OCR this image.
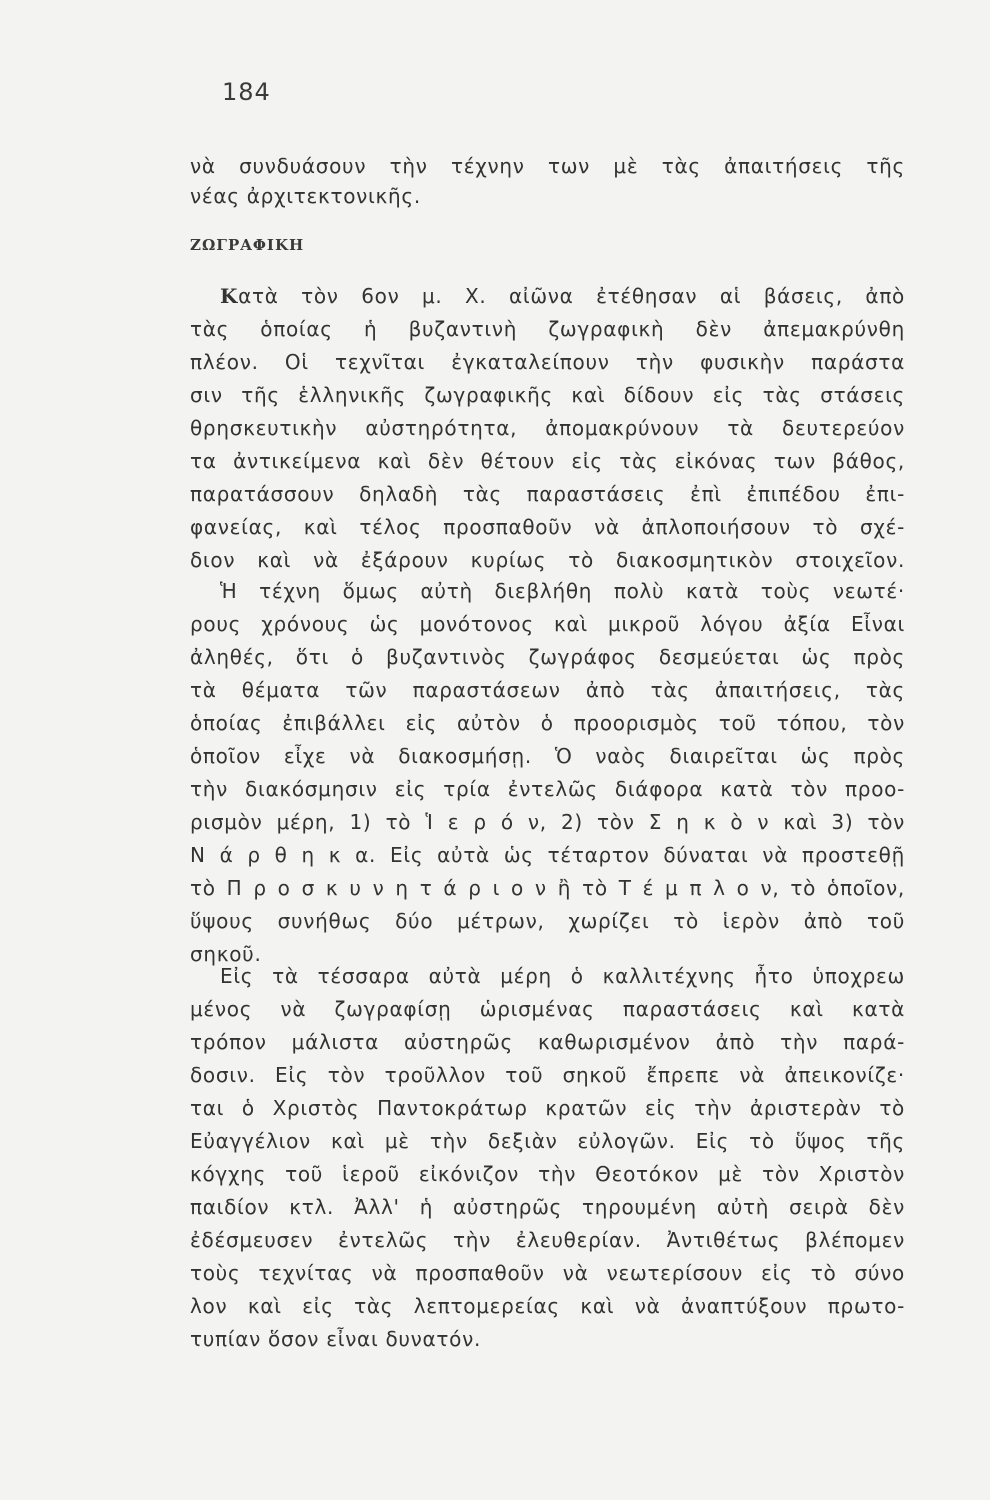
184
νὰ συνδυάσουν τὴν τέχνην των μὲ τὰς ἀπαιτήσεις τῆς
νέας ἀρχιτεκτονικῆς.
ΖΩΓΡΑΦΙΚΗ
Κατὰ τὸν 6ον μ. Χ. αἰῶνα ἐτέθησαν αἱ βάσεις, ἀπὸ
τὰς ὁποίας ἡ βυζαντινὴ ζωγραφικὴ δὲν ἀπεμακρύνθη
πλέον. Οἱ τεχνῖται ἐγκαταλείπουν τὴν φυσικὴν παράστα
σιν τῆς ἑλληνικῆς ζωγραφικῆς καὶ δίδουν εἰς τὰς στάσεις
θρησκευτικὴν αὐστηρότητα, ἀπομακρύνουν τὰ δευτερεύον
τα ἀντικείμενα καὶ δὲν θέτουν εἰς τὰς εἰκόνας των βάθος,
παρατάσσουν δηλαδὴ τὰς παραστάσεις ἐπὶ ἐπιπέδου ἐπι-
φανείας, καὶ τέλος προσπαθοῦν νὰ ἀπλοποιήσουν τὸ σχέ-
διον καὶ νὰ ἐξάρουν κυρίως τὸ διακοσμητικὸν στοιχεῖον.
Ἡ τέχνη ὅμως αὐτὴ διεβλήθη πολὺ κατὰ τοὺς νεωτέ·
ρους χρόνους ὡς μονότονος καὶ μικροῦ λόγου ἀξία Εἶναι
ἀληθές, ὅτι ὁ βυζαντινὸς ζωγράφος δεσμεύεται ὡς πρὸς
τὰ θέματα τῶν παραστάσεων ἀπὸ τὰς ἀπαιτήσεις, τὰς
ὁποίας ἐπιβάλλει εἰς αὐτὸν ὁ προορισμὸς τοῦ τόπου, τὸν
ὁποῖον εἶχε νὰ διακοσμήσῃ. Ὁ ναὸς διαιρεῖται ὡς πρὸς
τὴν διακόσμησιν εἰς τρία ἐντελῶς διάφορα κατὰ τὸν προο-
ρισμὸν μέρη, 1) τὸ Ἱ ε ρ ό ν, 2) τὸν Σ η κ ὸ ν καὶ 3) τὸν
Ν ά ρ θ η κ α. Εἰς αὐτὰ ὡς τέταρτον δύναται νὰ προστεθῇ
τὸ Π ρ ο σ κ υ ν η τ ά ρ ι ο ν ἢ τὸ Τ έ μ π λ ο ν, τὸ ὁποῖον,
ὕψους συνήθως δύο μέτρων, χωρίζει τὸ ἱερὸν ἀπὸ τοῦ
σηκοῦ.
Εἰς τὰ τέσσαρα αὐτὰ μέρη ὁ καλλιτέχνης ἦτο ὑποχρεω
μένος νὰ ζωγραφίσῃ ὡρισμένας παραστάσεις καὶ κατὰ
τρόπον μάλιστα αὐστηρῶς καθωρισμένον ἀπὸ τὴν παρά-
δοσιν. Εἰς τὸν τροῦλλον τοῦ σηκοῦ ἔπρεπε νὰ ἀπεικονίζε·
ται ὁ Χριστὸς Παντοκράτωρ κρατῶν εἰς τὴν ἀριστερὰν τὸ
Εὐαγγέλιον καὶ μὲ τὴν δεξιὰν εὐλογῶν. Εἰς τὸ ὕψος τῆς
κόγχης τοῦ ἱεροῦ εἰκόνιζον τὴν Θεοτόκον μὲ τὸν Χριστὸν
παιδίον κτλ. Ἀλλ' ἡ αὐστηρῶς τηρουμένη αὐτὴ σειρὰ δὲν
ἐδέσμευσεν ἐντελῶς τὴν ἐλευθερίαν. Ἀντιθέτως βλέπομεν
τοὺς τεχνίτας νὰ προσπαθοῦν νὰ νεωτερίσουν εἰς τὸ σύνο
λον καὶ εἰς τὰς λεπτομερείας καὶ νὰ ἀναπτύξουν πρωτο-
τυπίαν ὅσον εἶναι δυνατόν.
